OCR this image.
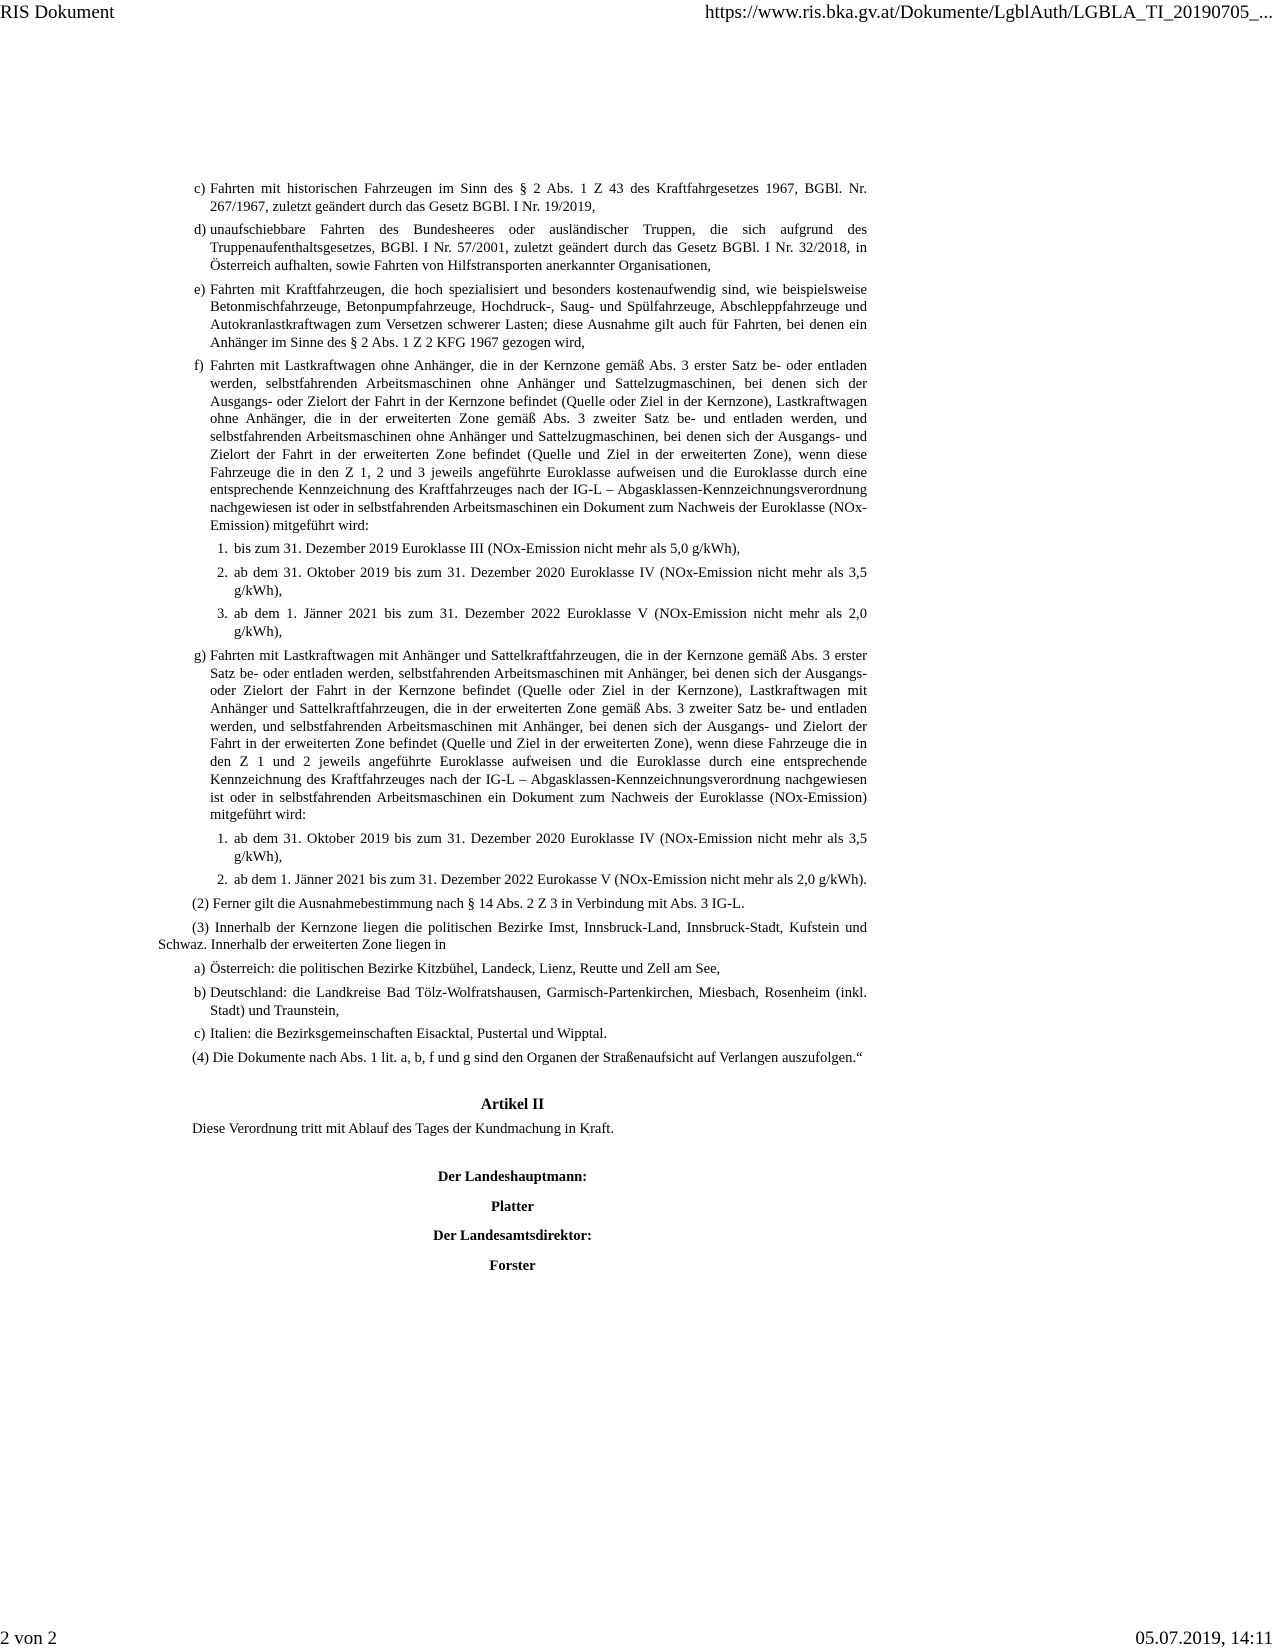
RIS Dokument	https://www.ris.bka.gv.at/Dokumente/LgblAuth/LGBLA_TI_20190705_...
c) Fahrten mit historischen Fahrzeugen im Sinn des § 2 Abs. 1 Z 43 des Kraftfahrgesetzes 1967, BGBl. Nr. 267/1967, zuletzt geändert durch das Gesetz BGBl. I Nr. 19/2019,
d) unaufschiebbare Fahrten des Bundesheeres oder ausländischer Truppen, die sich aufgrund des Truppenaufenthaltsgesetzes, BGBl. I Nr. 57/2001, zuletzt geändert durch das Gesetz BGBl. I Nr. 32/2018, in Österreich aufhalten, sowie Fahrten von Hilfstransporten anerkannter Organisationen,
e) Fahrten mit Kraftfahrzeugen, die hoch spezialisiert und besonders kostenaufwendig sind, wie beispielsweise Betonmischfahrzeuge, Betonpumpfahrzeuge, Hochdruck-, Saug- und Spülfahrzeuge, Abschleppfahrzeuge und Autokranlastkraftwagen zum Versetzen schwerer Lasten; diese Ausnahme gilt auch für Fahrten, bei denen ein Anhänger im Sinne des § 2 Abs. 1 Z 2 KFG 1967 gezogen wird,
f) Fahrten mit Lastkraftwagen ohne Anhänger, die in der Kernzone gemäß Abs. 3 erster Satz be- oder entladen werden, selbstfahrenden Arbeitsmaschinen ohne Anhänger und Sattelzugmaschinen, bei denen sich der Ausgangs- oder Zielort der Fahrt in der Kernzone befindet (Quelle oder Ziel in der Kernzone), Lastkraftwagen ohne Anhänger, die in der erweiterten Zone gemäß Abs. 3 zweiter Satz be- und entladen werden, und selbstfahrenden Arbeitsmaschinen ohne Anhänger und Sattelzugmaschinen, bei denen sich der Ausgangs- und Zielort der Fahrt in der erweiterten Zone befindet (Quelle und Ziel in der erweiterten Zone), wenn diese Fahrzeuge die in den Z 1, 2 und 3 jeweils angeführte Euroklasse aufweisen und die Euroklasse durch eine entsprechende Kennzeichnung des Kraftfahrzeuges nach der IG-L – Abgasklassen-Kennzeichnungsverordnung nachgewiesen ist oder in selbstfahrenden Arbeitsmaschinen ein Dokument zum Nachweis der Euroklasse (NOx-Emission) mitgeführt wird:
1. bis zum 31. Dezember 2019 Euroklasse III (NOx-Emission nicht mehr als 5,0 g/kWh),
2. ab dem 31. Oktober 2019 bis zum 31. Dezember 2020 Euroklasse IV (NOx-Emission nicht mehr als 3,5 g/kWh),
3. ab dem 1. Jänner 2021 bis zum 31. Dezember 2022 Euroklasse V (NOx-Emission nicht mehr als 2,0 g/kWh),
g) Fahrten mit Lastkraftwagen mit Anhänger und Sattelkraftfahrzeugen, die in der Kernzone gemäß Abs. 3 erster Satz be- oder entladen werden, selbstfahrenden Arbeitsmaschinen mit Anhänger, bei denen sich der Ausgangs- oder Zielort der Fahrt in der Kernzone befindet (Quelle oder Ziel in der Kernzone), Lastkraftwagen mit Anhänger und Sattelkraftfahrzeugen, die in der erweiterten Zone gemäß Abs. 3 zweiter Satz be- und entladen werden, und selbstfahrenden Arbeitsmaschinen mit Anhänger, bei denen sich der Ausgangs- und Zielort der Fahrt in der erweiterten Zone befindet (Quelle und Ziel in der erweiterten Zone), wenn diese Fahrzeuge die in den Z 1 und 2 jeweils angeführte Euroklasse aufweisen und die Euroklasse durch eine entsprechende Kennzeichnung des Kraftfahrzeuges nach der IG-L – Abgasklassen-Kennzeichnungsverordnung nachgewiesen ist oder in selbstfahrenden Arbeitsmaschinen ein Dokument zum Nachweis der Euroklasse (NOx-Emission) mitgeführt wird:
1. ab dem 31. Oktober 2019 bis zum 31. Dezember 2020 Euroklasse IV (NOx-Emission nicht mehr als 3,5 g/kWh),
2. ab dem 1. Jänner 2021 bis zum 31. Dezember 2022 Eurokasse V (NOx-Emission nicht mehr als 2,0 g/kWh).

(2) Ferner gilt die Ausnahmebestimmung nach § 14 Abs. 2 Z 3 in Verbindung mit Abs. 3 IG-L.

(3) Innerhalb der Kernzone liegen die politischen Bezirke Imst, Innsbruck-Land, Innsbruck-Stadt, Kufstein und Schwaz. Innerhalb der erweiterten Zone liegen in

a) Österreich: die politischen Bezirke Kitzbühel, Landeck, Lienz, Reutte und Zell am See,
b) Deutschland: die Landkreise Bad Tölz-Wolfratshausen, Garmisch-Partenkirchen, Miesbach, Rosenheim (inkl. Stadt) und Traunstein,
c) Italien: die Bezirksgemeinschaften Eisacktal, Pustertal und Wipptal.

(4) Die Dokumente nach Abs. 1 lit. a, b, f und g sind den Organen der Straßenaufsicht auf Verlangen auszufolgen.“

Artikel II
Diese Verordnung tritt mit Ablauf des Tages der Kundmachung in Kraft.
Der Landeshauptmann:
Platter
Der Landesamtsdirektor:
Forster
2 von 2	05.07.2019, 14:11
